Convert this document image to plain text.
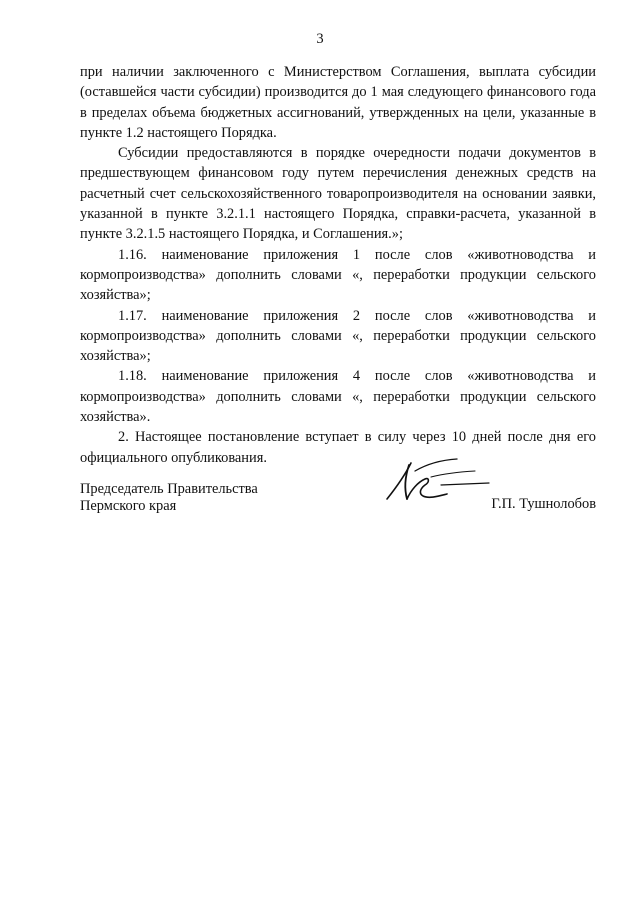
3

при наличии заключенного с Министерством Соглашения, выплата субсидии (оставшейся части субсидии) производится до 1 мая следующего финансового года в пределах объема бюджетных ассигнований, утвержденных на цели, указанные в пункте 1.2 настоящего Порядка.

Субсидии предоставляются в порядке очередности подачи документов в предшествующем финансовом году путем перечисления денежных средств на расчетный счет сельскохозяйственного товаропроизводителя на основании заявки, указанной в пункте 3.2.1.1 настоящего Порядка, справки-расчета, указанной в пункте 3.2.1.5 настоящего Порядка, и Соглашения.»;

1.16. наименование приложения 1 после слов «животноводства и кормопроизводства» дополнить словами «, переработки продукции сельского хозяйства»;

1.17. наименование приложения 2 после слов «животноводства и кормопроизводства» дополнить словами «, переработки продукции сельского хозяйства»;

1.18. наименование приложения 4 после слов «животноводства и кормопроизводства» дополнить словами «, переработки продукции сельского хозяйства».

2. Настоящее постановление вступает в силу через 10 дней после дня его официального опубликования.

Председатель Правительства
Пермского края	Г.П. Тушнолобов
